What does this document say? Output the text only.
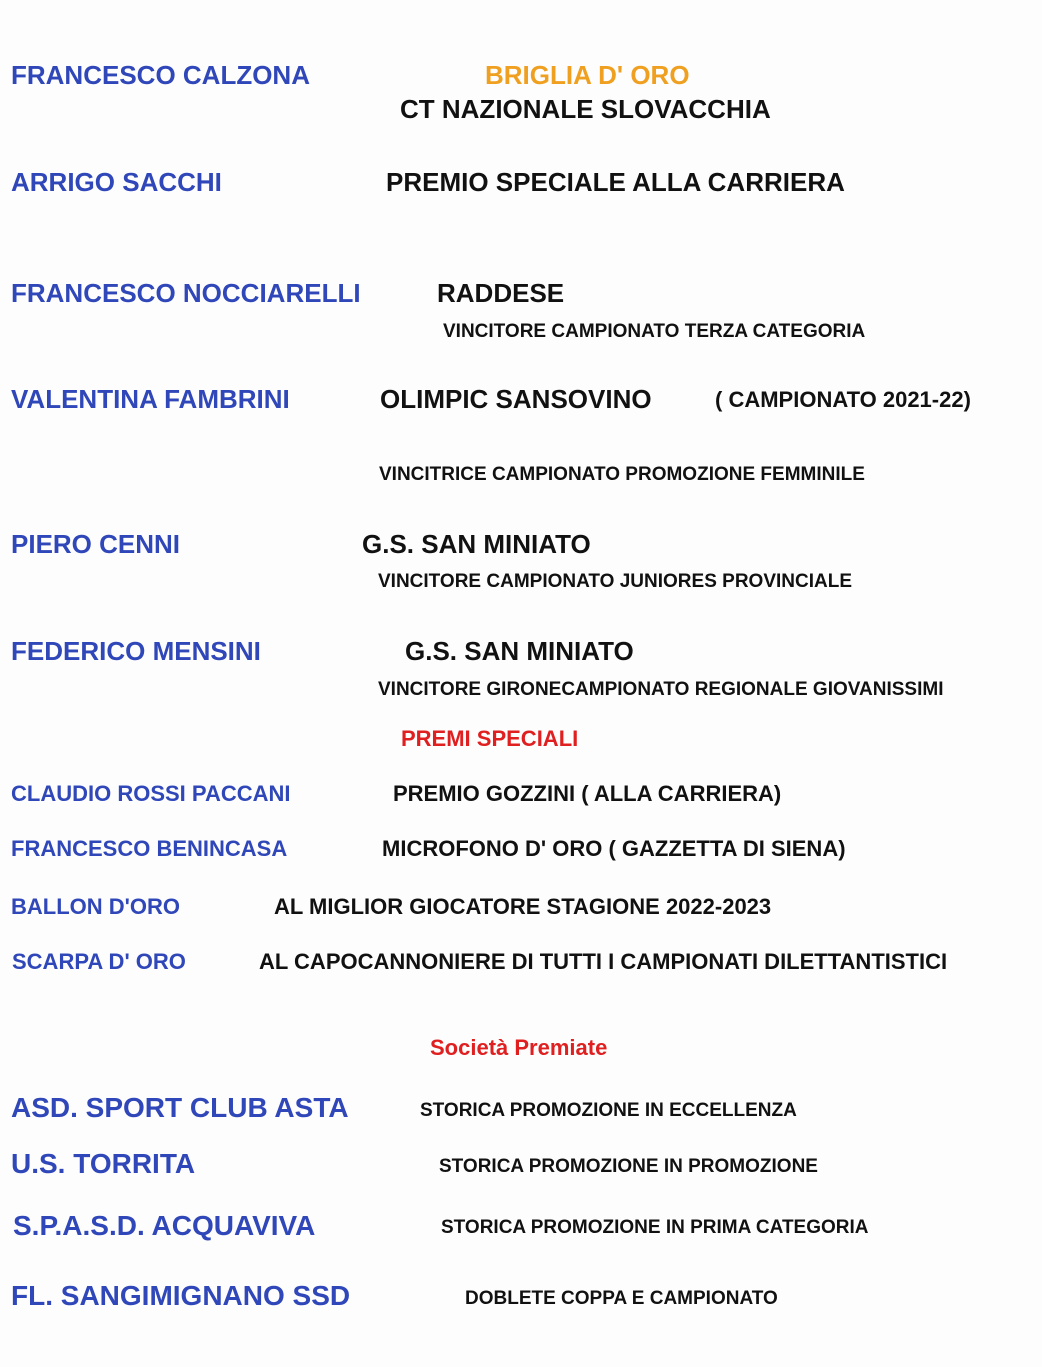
FRANCESCO CALZONA	BRIGLIA D' ORO
CT NAZIONALE SLOVACCHIA
ARRIGO SACCHI	PREMIO SPECIALE ALLA CARRIERA
FRANCESCO NOCCIARELLI	RADDESE
VINCITORE CAMPIONATO TERZA CATEGORIA
VALENTINA FAMBRINI	OLIMPIC SANSOVINO	( CAMPIONATO 2021-22)
VINCITRICE CAMPIONATO PROMOZIONE FEMMINILE
PIERO CENNI	G.S. SAN MINIATO
VINCITORE CAMPIONATO JUNIORES PROVINCIALE
FEDERICO MENSINI	G.S. SAN MINIATO
VINCITORE GIRONECAMPIONATO REGIONALE GIOVANISSIMI
PREMI SPECIALI
CLAUDIO ROSSI PACCANI	PREMIO GOZZINI ( ALLA CARRIERA)
FRANCESCO BENINCASA	MICROFONO D' ORO ( GAZZETTA DI SIENA)
BALLON D'ORO	AL MIGLIOR GIOCATORE STAGIONE 2022-2023
SCARPA D' ORO	AL CAPOCANNONIERE DI TUTTI I CAMPIONATI DILETTANTISTICI
Società Premiate
ASD. SPORT CLUB ASTA	STORICA PROMOZIONE IN ECCELLENZA
U.S. TORRITA	STORICA PROMOZIONE IN PROMOZIONE
S.P.A.S.D. ACQUAVIVA	STORICA PROMOZIONE IN PRIMA CATEGORIA
FL. SANGIMIGNANO SSD	DOBLETE COPPA E CAMPIONATO
